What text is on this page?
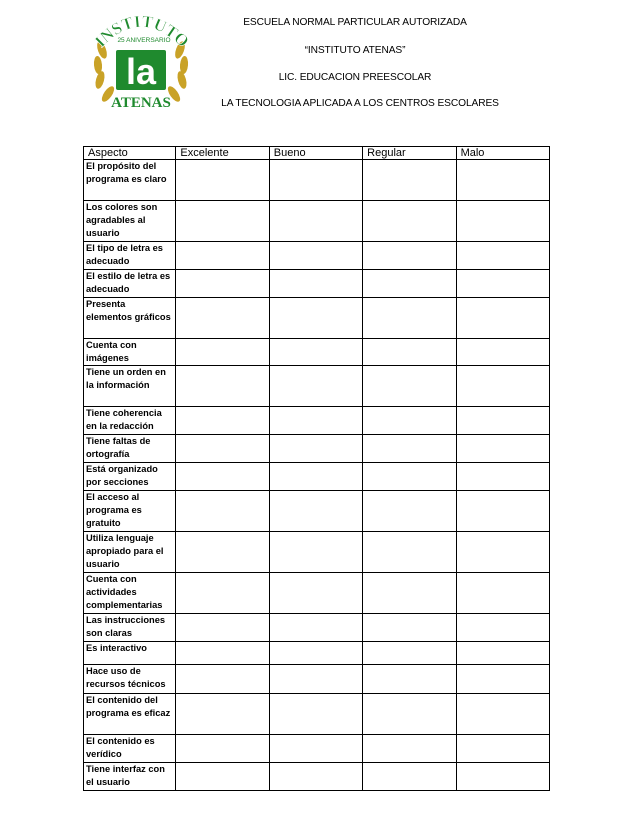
INSTITUTO
25 ANIVERSARIO
la
ATENAS
ESCUELA NORMAL PARTICULAR AUTORIZADA
“INSTITUTO ATENAS”
LIC. EDUCACION PREESCOLAR
LA TECNOLOGIA APLICADA A LOS CENTROS ESCOLARES
Aspecto	Excelente	Bueno	Regular	Malo
El propósito del programa es claro				
Los colores son agradables al usuario				
El tipo de letra es adecuado				
El estilo de letra es adecuado				
Presenta elementos gráficos				
Cuenta con imágenes				
Tiene un orden en la información				
Tiene coherencia en la redacción				
Tiene faltas de ortografía				
Está organizado por secciones				
El acceso al programa es gratuito				
Utiliza lenguaje apropiado para el usuario				
Cuenta con actividades complementarias				
Las instrucciones son claras				
Es interactivo				
Hace uso de recursos técnicos				
El contenido del programa es eficaz				
El contenido es verídico				
Tiene interfaz con el usuario				
